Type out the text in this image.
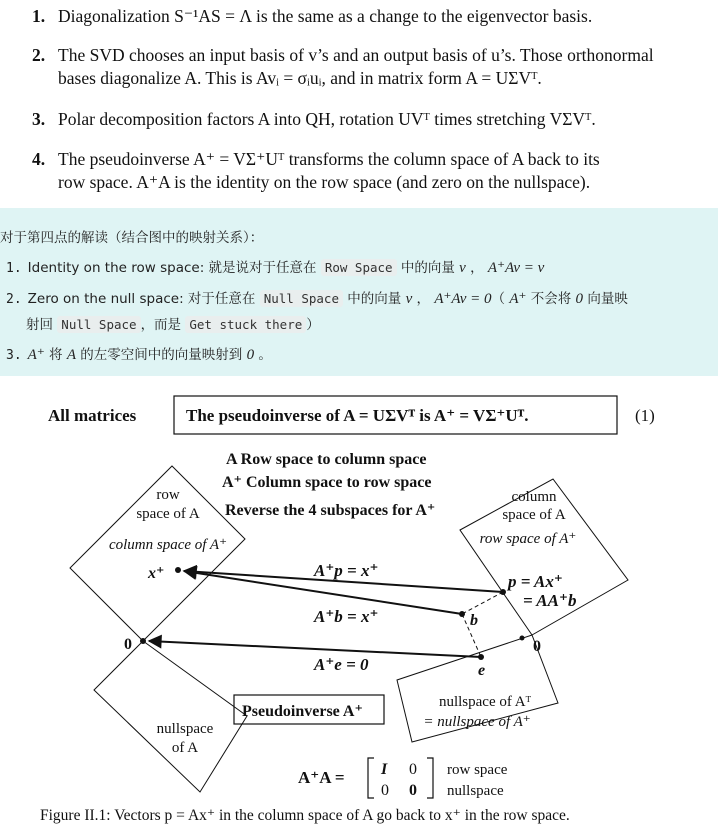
1. Diagonalization S⁻¹AS = Λ is the same as a change to the eigenvector basis.
2. The SVD chooses an input basis of v’s and an output basis of u’s. Those orthonormal
bases diagonalize A. This is Avᵢ = σᵢuᵢ, and in matrix form A = UΣVᵀ.
3. Polar decomposition factors A into QH, rotation UVᵀ times stretching VΣVᵀ.
4. The pseudoinverse A⁺ = VΣ⁺Uᵀ transforms the column space of A back to its
row space. A⁺A is the identity on the row space (and zero on the nullspace).
对于第四点的解读（结合图中的映射关系）：
1. Identity on the row space: 就是说对于任意在 Row Space 中的向量 v ， A⁺Av = v
2. Zero on the null space: 对于任意在 Null Space 中的向量 v ， A⁺Av = 0（ A⁺ 不会将 0 向量映
射回 Null Space ，而是 Get stuck there ）
3. A⁺ 将 A 的左零空间中的向量映射到 0 。
All matrices	The pseudoinverse of A = UΣVᵀ is A⁺ = VΣ⁺Uᵀ.	(1)
A Row space to column space
A⁺ Column space to row space
Reverse the 4 subspaces for A⁺
row
space of A
column space of A⁺
nullspace
of A
column
space of A
row space of A⁺
nullspace of Aᵀ
= nullspace of A⁺
x⁺
0
p = Ax⁺
= AA⁺b
b
e
0
A⁺p = x⁺
A⁺b = x⁺
A⁺e = 0
Pseudoinverse A⁺
A⁺A = I 0
0 0
row space
nullspace
Figure II.1: Vectors p = Ax⁺ in the column space of A go back to x⁺ in the row space.
